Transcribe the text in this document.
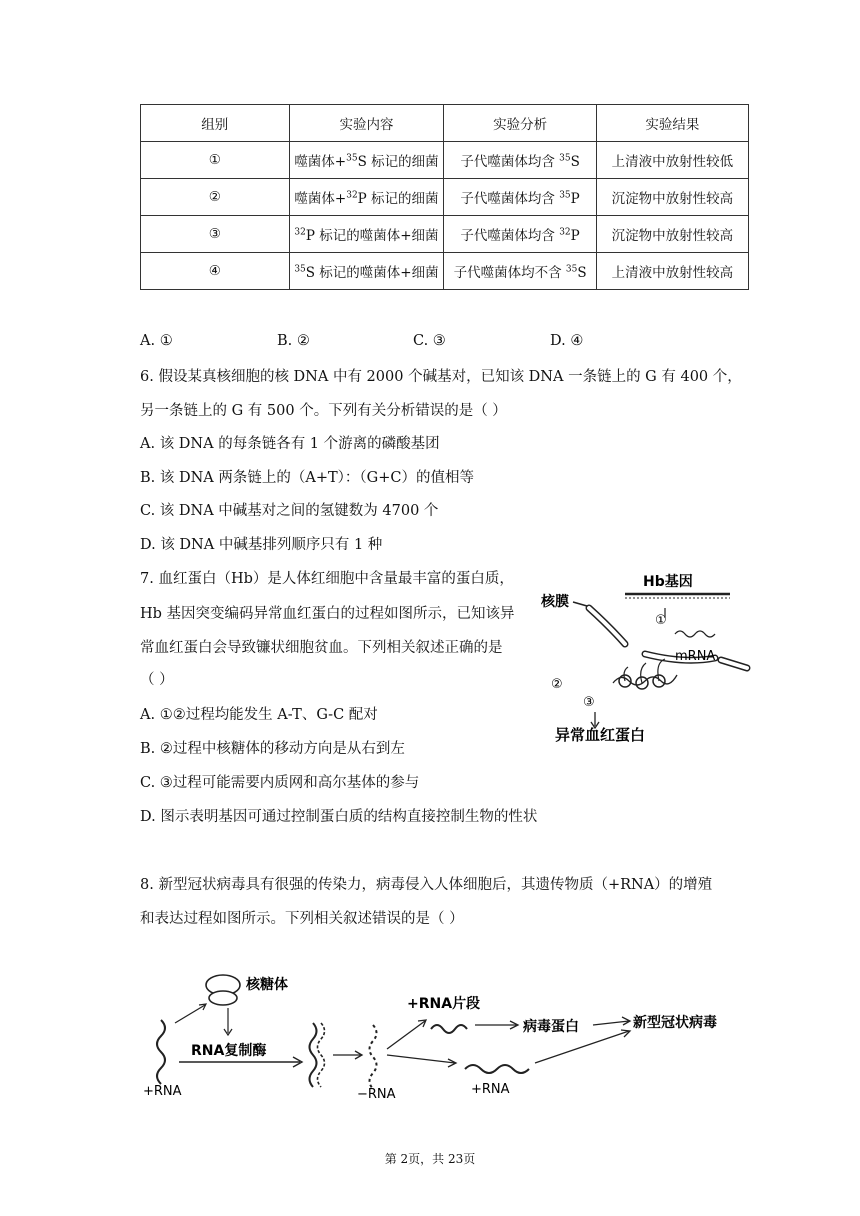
组别	实验内容	实验分析	实验结果
①	噬菌体+$^{35}$S 标记的细菌	子代噬菌体均含 $^{35}$S	上清液中放射性较低
②	噬菌体+$^{32}$P 标记的细菌	子代噬菌体均含 $^{35}$P	沉淀物中放射性较高
③	$^{32}$P 标记的噬菌体+细菌	子代噬菌体均含 $^{32}$P	沉淀物中放射性较高
④	$^{35}$S 标记的噬菌体+细菌	子代噬菌体均不含 $^{35}$S	上清液中放射性较高
A. ①	B. ②	C. ③	D. ④
6. 假设某真核细胞的核 DNA 中有 2000 个碱基对，已知该 DNA 一条链上的 G 有 400 个，
另一条链上的 G 有 500 个。下列有关分析错误的是（ ）
A. 该 DNA 的每条链各有 1 个游离的磷酸基团
B. 该 DNA 两条链上的（A+T）：（G+C）的值相等
C. 该 DNA 中碱基对之间的氢键数为 4700 个
D. 该 DNA 中碱基排列顺序只有 1 种
7. 血红蛋白（Hb）是人体红细胞中含量最丰富的蛋白质，
Hb 基因突变编码异常血红蛋白的过程如图所示，已知该异
常血红蛋白会导致镰状细胞贫血。下列相关叙述正确的是
（ ）
A. ①②过程均能发生 A-T、G-C 配对
B. ②过程中核糖体的移动方向是从右到左
C. ③过程可能需要内质网和高尔基体的参与
D. 图示表明基因可通过控制蛋白质的结构直接控制生物的性状
Hb基因
核膜
①
mRNA
②
③
异常血红蛋白
8. 新型冠状病毒具有很强的传染力，病毒侵入人体细胞后，其遗传物质（+RNA）的增殖
和表达过程如图所示。下列相关叙述错误的是（ ）
核糖体
+RNA
RNA复制酶
−RNA
+RNA片段
病毒蛋白	新型冠状病毒
+RNA
第 2页，共 23页
